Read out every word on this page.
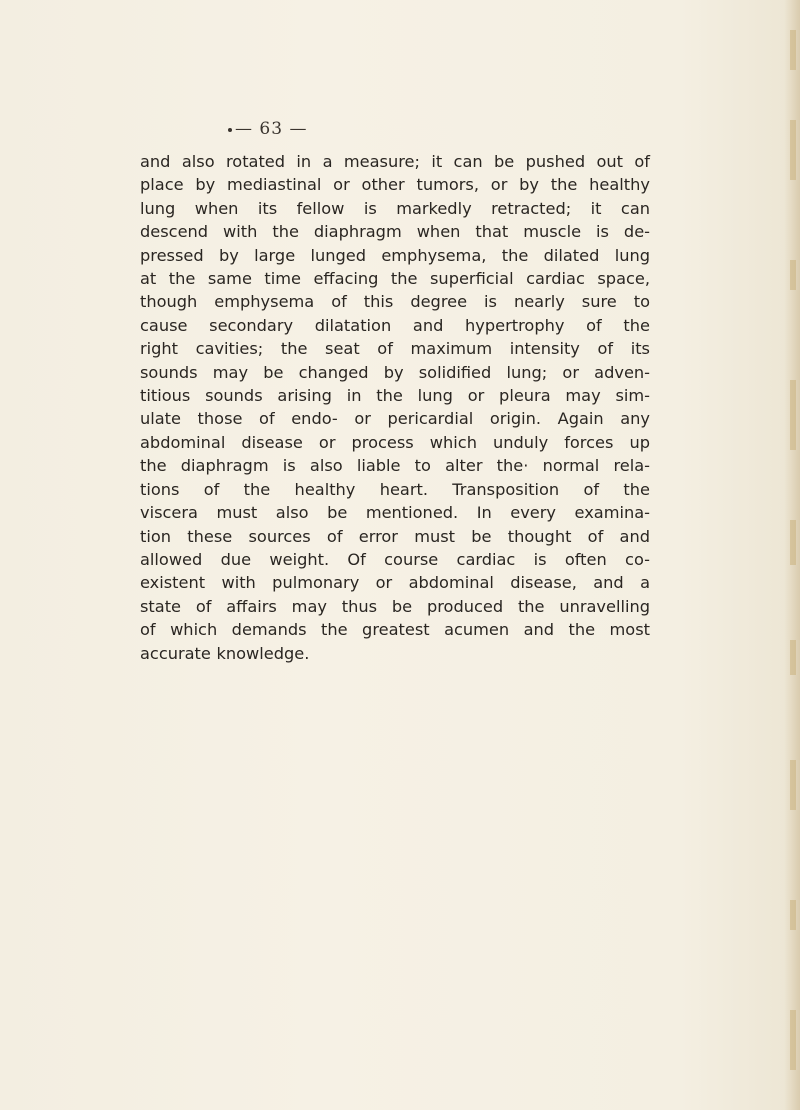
— 63 —

and also rotated in a measure; it can be pushed out of
place by mediastinal or other tumors, or by the healthy
lung when its fellow is markedly retracted; it can
descend with the diaphragm when that muscle is de-
pressed by large lunged emphysema, the dilated lung
at the same time effacing the superficial cardiac space,
though emphysema of this degree is nearly sure to
cause secondary dilatation and hypertrophy of the
right cavities; the seat of maximum intensity of its
sounds may be changed by solidified lung; or adven-
titious sounds arising in the lung or pleura may sim-
ulate those of endo- or pericardial origin. Again any
abdominal disease or process which unduly forces up
the diaphragm is also liable to alter the· normal rela-
tions of the healthy heart. Transposition of the
viscera must also be mentioned. In every examina-
tion these sources of error must be thought of and
allowed due weight. Of course cardiac is often co-
existent with pulmonary or abdominal disease, and a
state of affairs may thus be produced the unravelling
of which demands the greatest acumen and the most
accurate knowledge.
